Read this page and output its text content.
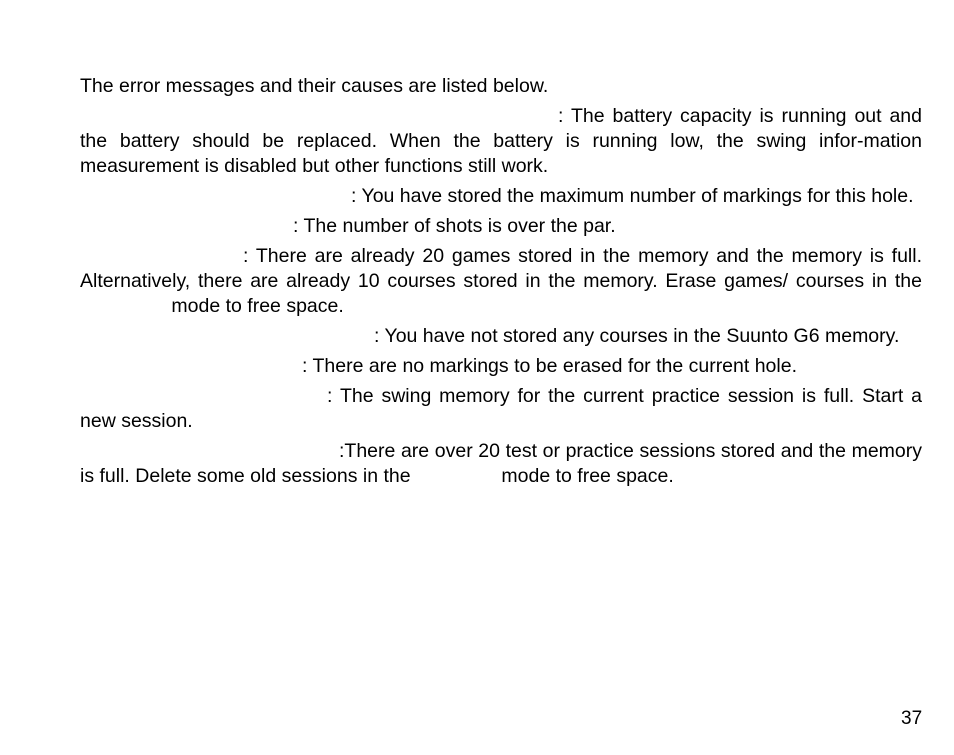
The error messages and their causes are listed below.

: The battery capacity is running out and the battery should be replaced. When the battery is running low, the swing infor-mation measurement is disabled but other functions still work.

: You have stored the maximum number of markings for this hole.

: The number of shots is over the par.

: There are already 20 games stored in the memory and the memory is full. Alternatively, there are already 10 courses stored in the memory. Erase games/ courses in the  mode to free space.

: You have not stored any courses in the Suunto G6 memory.

: There are no markings to be erased for the current hole.

: The swing memory for the current practice session is full. Start a new session.

:There are over 20 test or practice sessions stored and the memory is full. Delete some old sessions in the	mode to free space.

37
